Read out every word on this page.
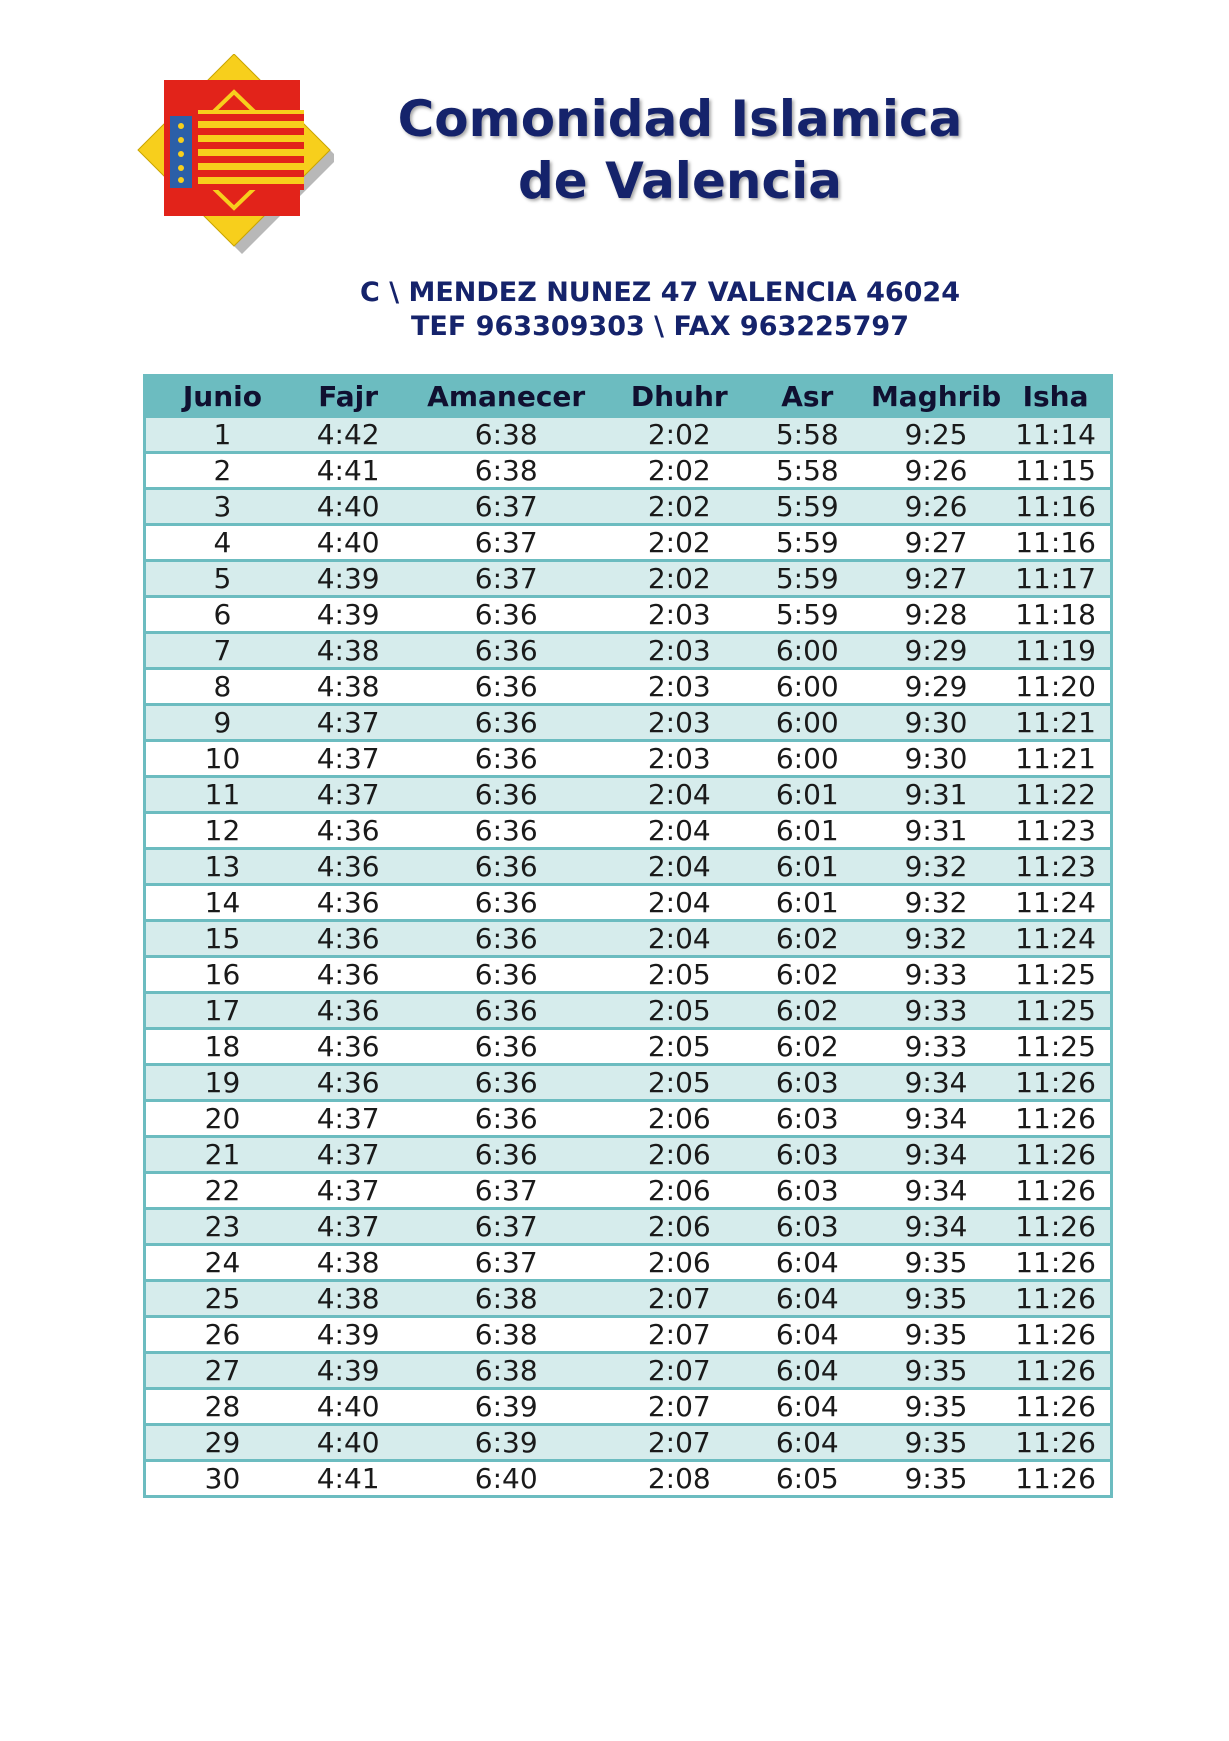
Comonidad Islamica
de Valencia
C \ MENDEZ NUNEZ 47 VALENCIA 46024
TEF 963309303 \ FAX 963225797
Junio	Fajr	Amanecer	Dhuhr	Asr	Maghrib	Isha
1	4:42	6:38	2:02	5:58	9:25	11:14
2	4:41	6:38	2:02	5:58	9:26	11:15
3	4:40	6:37	2:02	5:59	9:26	11:16
4	4:40	6:37	2:02	5:59	9:27	11:16
5	4:39	6:37	2:02	5:59	9:27	11:17
6	4:39	6:36	2:03	5:59	9:28	11:18
7	4:38	6:36	2:03	6:00	9:29	11:19
8	4:38	6:36	2:03	6:00	9:29	11:20
9	4:37	6:36	2:03	6:00	9:30	11:21
10	4:37	6:36	2:03	6:00	9:30	11:21
11	4:37	6:36	2:04	6:01	9:31	11:22
12	4:36	6:36	2:04	6:01	9:31	11:23
13	4:36	6:36	2:04	6:01	9:32	11:23
14	4:36	6:36	2:04	6:01	9:32	11:24
15	4:36	6:36	2:04	6:02	9:32	11:24
16	4:36	6:36	2:05	6:02	9:33	11:25
17	4:36	6:36	2:05	6:02	9:33	11:25
18	4:36	6:36	2:05	6:02	9:33	11:25
19	4:36	6:36	2:05	6:03	9:34	11:26
20	4:37	6:36	2:06	6:03	9:34	11:26
21	4:37	6:36	2:06	6:03	9:34	11:26
22	4:37	6:37	2:06	6:03	9:34	11:26
23	4:37	6:37	2:06	6:03	9:34	11:26
24	4:38	6:37	2:06	6:04	9:35	11:26
25	4:38	6:38	2:07	6:04	9:35	11:26
26	4:39	6:38	2:07	6:04	9:35	11:26
27	4:39	6:38	2:07	6:04	9:35	11:26
28	4:40	6:39	2:07	6:04	9:35	11:26
29	4:40	6:39	2:07	6:04	9:35	11:26
30	4:41	6:40	2:08	6:05	9:35	11:26
